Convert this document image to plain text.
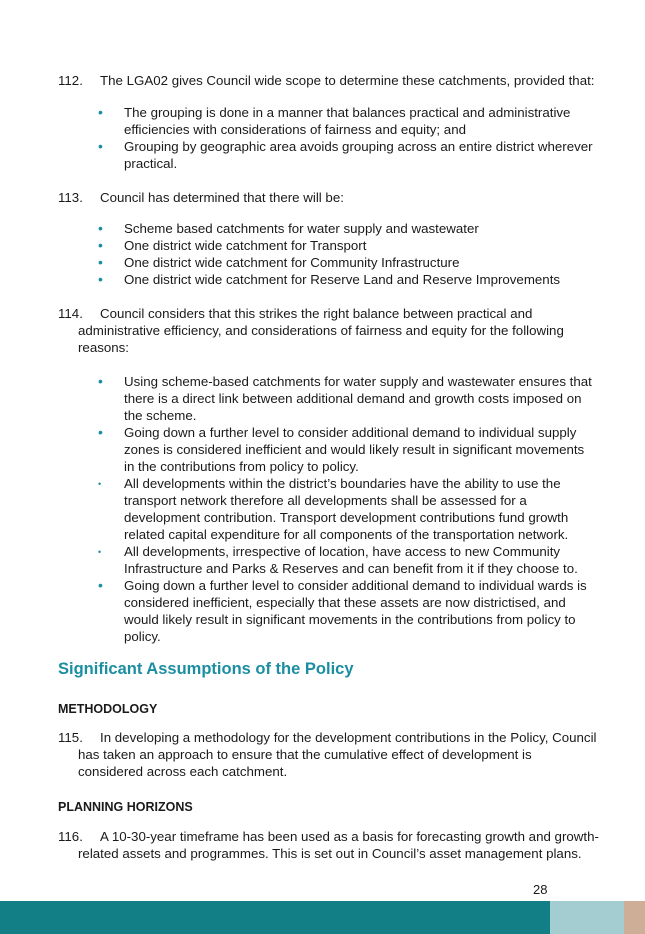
112. The LGA02 gives Council wide scope to determine these catchments, provided that:
• The grouping is done in a manner that balances practical and administrative efficiencies with considerations of fairness and equity; and
• Grouping by geographic area avoids grouping across an entire district wherever practical.
113. Council has determined that there will be:
• Scheme based catchments for water supply and wastewater
• One district wide catchment for Transport
• One district wide catchment for Community Infrastructure
• One district wide catchment for Reserve Land and Reserve Improvements
114. Council considers that this strikes the right balance between practical and
administrative efficiency, and considerations of fairness and equity for the following reasons:
• Using scheme-based catchments for water supply and wastewater ensures that there is a direct link between additional demand and growth costs imposed on the scheme.
• Going down a further level to consider additional demand to individual supply zones is considered inefficient and would likely result in significant movements in the contributions from policy to policy.
• All developments within the district’s boundaries have the ability to use the transport network therefore all developments shall be assessed for a development contribution. Transport development contributions fund growth related capital expenditure for all components of the transportation network.
• All developments, irrespective of location, have access to new Community Infrastructure and Parks & Reserves and can benefit from it if they choose to.
• Going down a further level to consider additional demand to individual wards is considered inefficient, especially that these assets are now districtised, and would likely result in significant movements in the contributions from policy to policy.
Significant Assumptions of the Policy
METHODOLOGY
115. In developing a methodology for the development contributions in the Policy, Council
has taken an approach to ensure that the cumulative effect of development is considered across each catchment.
PLANNING HORIZONS
116. A 10-30-year timeframe has been used as a basis for forecasting growth and growth-
related assets and programmes. This is set out in Council’s asset management plans.
28
